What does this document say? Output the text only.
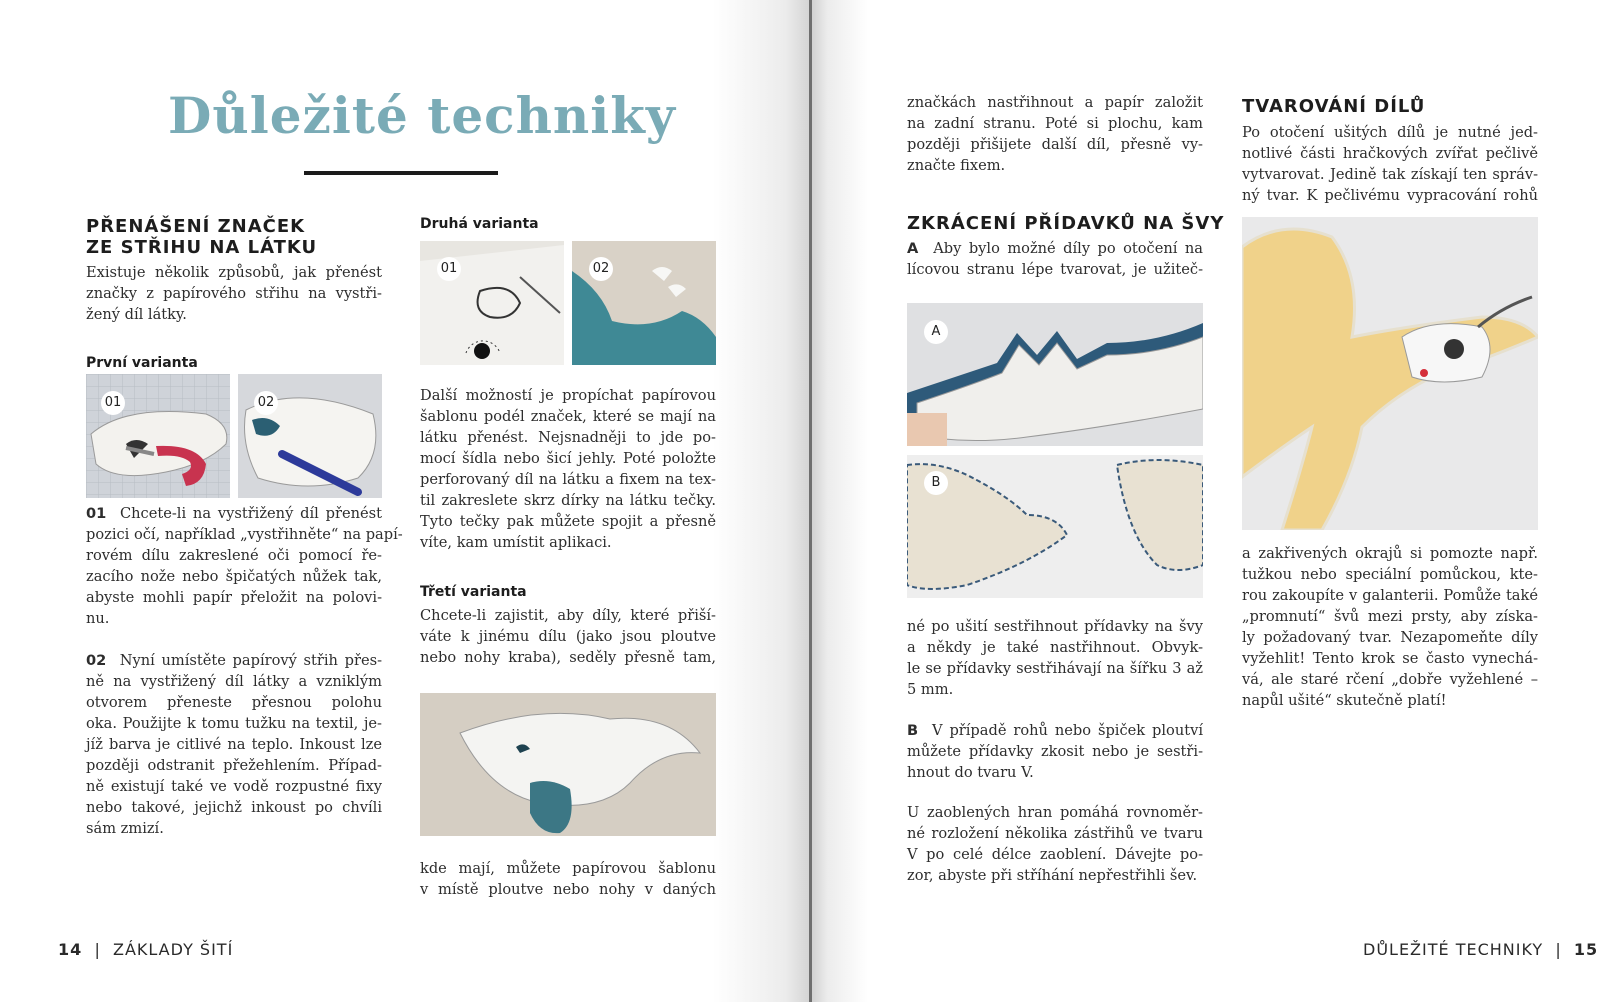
Důležité techniky
PŘENÁŠENÍ ZNAČEK
ZE STŘIHU NA LÁTKU
Existuje několik způsobů, jak přenést
značky z papírového střihu na vystři-
žený díl látky.
První varianta
01	02
01 Chcete-li na vystřižený díl přenést
pozici očí, například „vystřihněte“ na papí-
rovém dílu zakreslené oči pomocí ře-
zacího nože nebo špičatých nůžek tak,
abyste mohli papír přeložit na polovi-
nu.
02 Nyní umístěte papírový střih přes-
ně na vystřižený díl látky a vzniklým
otvorem přeneste přesnou polohu
oka. Použijte k tomu tužku na textil, je-
jíž barva je citlivé na teplo. Inkoust lze
později odstranit přežehlením. Případ-
ně existují také ve vodě rozpustné fixy
nebo takové, jejichž inkoust po chvíli
sám zmizí.
Druhá varianta
01	02
Další možností je propíchat papírovou
šablonu podél značek, které se mají na
látku přenést. Nejsnadněji to jde po-
mocí šídla nebo šicí jehly. Poté položte
perforovaný díl na látku a fixem na tex-
til zakreslete skrz dírky na látku tečky.
Tyto tečky pak můžete spojit a přesně
víte, kam umístit aplikaci.
Třetí varianta
Chcete-li zajistit, aby díly, které přiší-
váte k jinému dílu (jako jsou ploutve
nebo nohy kraba), seděly přesně tam,
kde mají, můžete papírovou šablonu
v místě ploutve nebo nohy v daných
14 | ZÁKLADY ŠITÍ
značkách nastřihnout a papír založit
na zadní stranu. Poté si plochu, kam
později přišijete další díl, přesně vy-
značte fixem.
ZKRÁCENÍ PŘÍDAVKŮ NA ŠVY
A Aby bylo možné díly po otočení na
lícovou stranu lépe tvarovat, je užiteč-
A
B
né po ušití sestřihnout přídavky na švy
a někdy je také nastřihnout. Obvyk-
le se přídavky sestřihávají na šířku 3 až
5 mm.
B V případě rohů nebo špiček ploutví
můžete přídavky zkosit nebo je sestři-
hnout do tvaru V.
U zaoblených hran pomáhá rovnoměr-
né rozložení několika zástřihů ve tvaru
V po celé délce zaoblení. Dávejte po-
zor, abyste při stříhání nepřestřihli šev.
TVAROVÁNÍ DÍLŮ
Po otočení ušitých dílů je nutné jed-
notlivé části hračkových zvířat pečlivě
vytvarovat. Jedině tak získají ten správ-
ný tvar. K pečlivému vypracování rohů
a zakřivených okrajů si pomozte např.
tužkou nebo speciální pomůckou, kte-
rou zakoupíte v galanterii. Pomůže také
„promnutí“ švů mezi prsty, aby získa-
ly požadovaný tvar. Nezapomeňte díly
vyžehlit! Tento krok se často vynechá-
vá, ale staré rčení „dobře vyžehlené –
napůl ušité“ skutečně platí!
DŮLEŽITÉ TECHNIKY | 15
